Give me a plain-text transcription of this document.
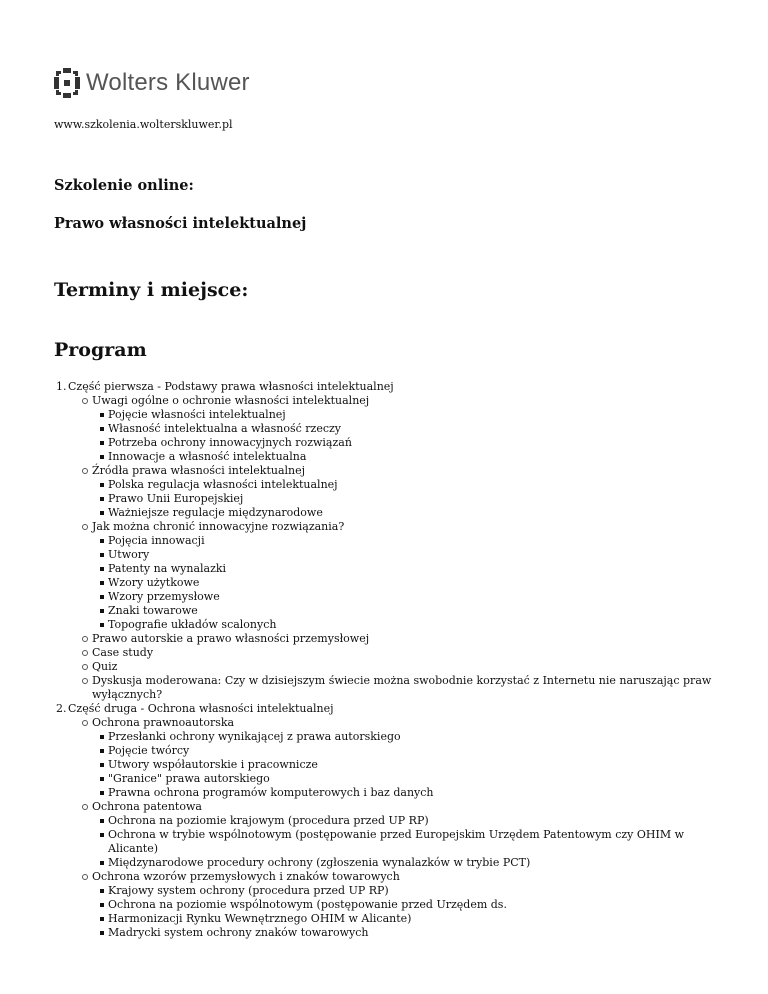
Wolters Kluwer
www.szkolenia.wolterskluwer.pl
Szkolenie online:
Prawo własności intelektualnej
Terminy i miejsce:
Program
1. Część pierwsza - Podstawy prawa własności intelektualnej
Uwagi ogólne o ochronie własności intelektualnej
Pojęcie własności intelektualnej
Własność intelektualna a własność rzeczy
Potrzeba ochrony innowacyjnych rozwiązań
Innowacje a własność intelektualna
Źródła prawa własności intelektualnej
Polska regulacja własności intelektualnej
Prawo Unii Europejskiej
Ważniejsze regulacje międzynarodowe
Jak można chronić innowacyjne rozwiązania?
Pojęcia innowacji
Utwory
Patenty na wynalazki
Wzory użytkowe
Wzory przemysłowe
Znaki towarowe
Topografie układów scalonych
Prawo autorskie a prawo własności przemysłowej
Case study
Quiz
Dyskusja moderowana: Czy w dzisiejszym świecie można swobodnie korzystać z Internetu nie naruszając praw wyłącznych?
2. Część druga - Ochrona własności intelektualnej
Ochrona prawnoautorska
Przesłanki ochrony wynikającej z prawa autorskiego
Pojęcie twórcy
Utwory współautorskie i pracownicze
"Granice" prawa autorskiego
Prawna ochrona programów komputerowych i baz danych
Ochrona patentowa
Ochrona na poziomie krajowym (procedura przed UP RP)
Ochrona w trybie wspólnotowym (postępowanie przed Europejskim Urzędem Patentowym czy OHIM w Alicante)
Międzynarodowe procedury ochrony (zgłoszenia wynalazków w trybie PCT)
Ochrona wzorów przemysłowych i znaków towarowych
Krajowy system ochrony (procedura przed UP RP)
Ochrona na poziomie wspólnotowym (postępowanie przed Urzędem ds.
Harmonizacji Rynku Wewnętrznego OHIM w Alicante)
Madrycki system ochrony znaków towarowych
